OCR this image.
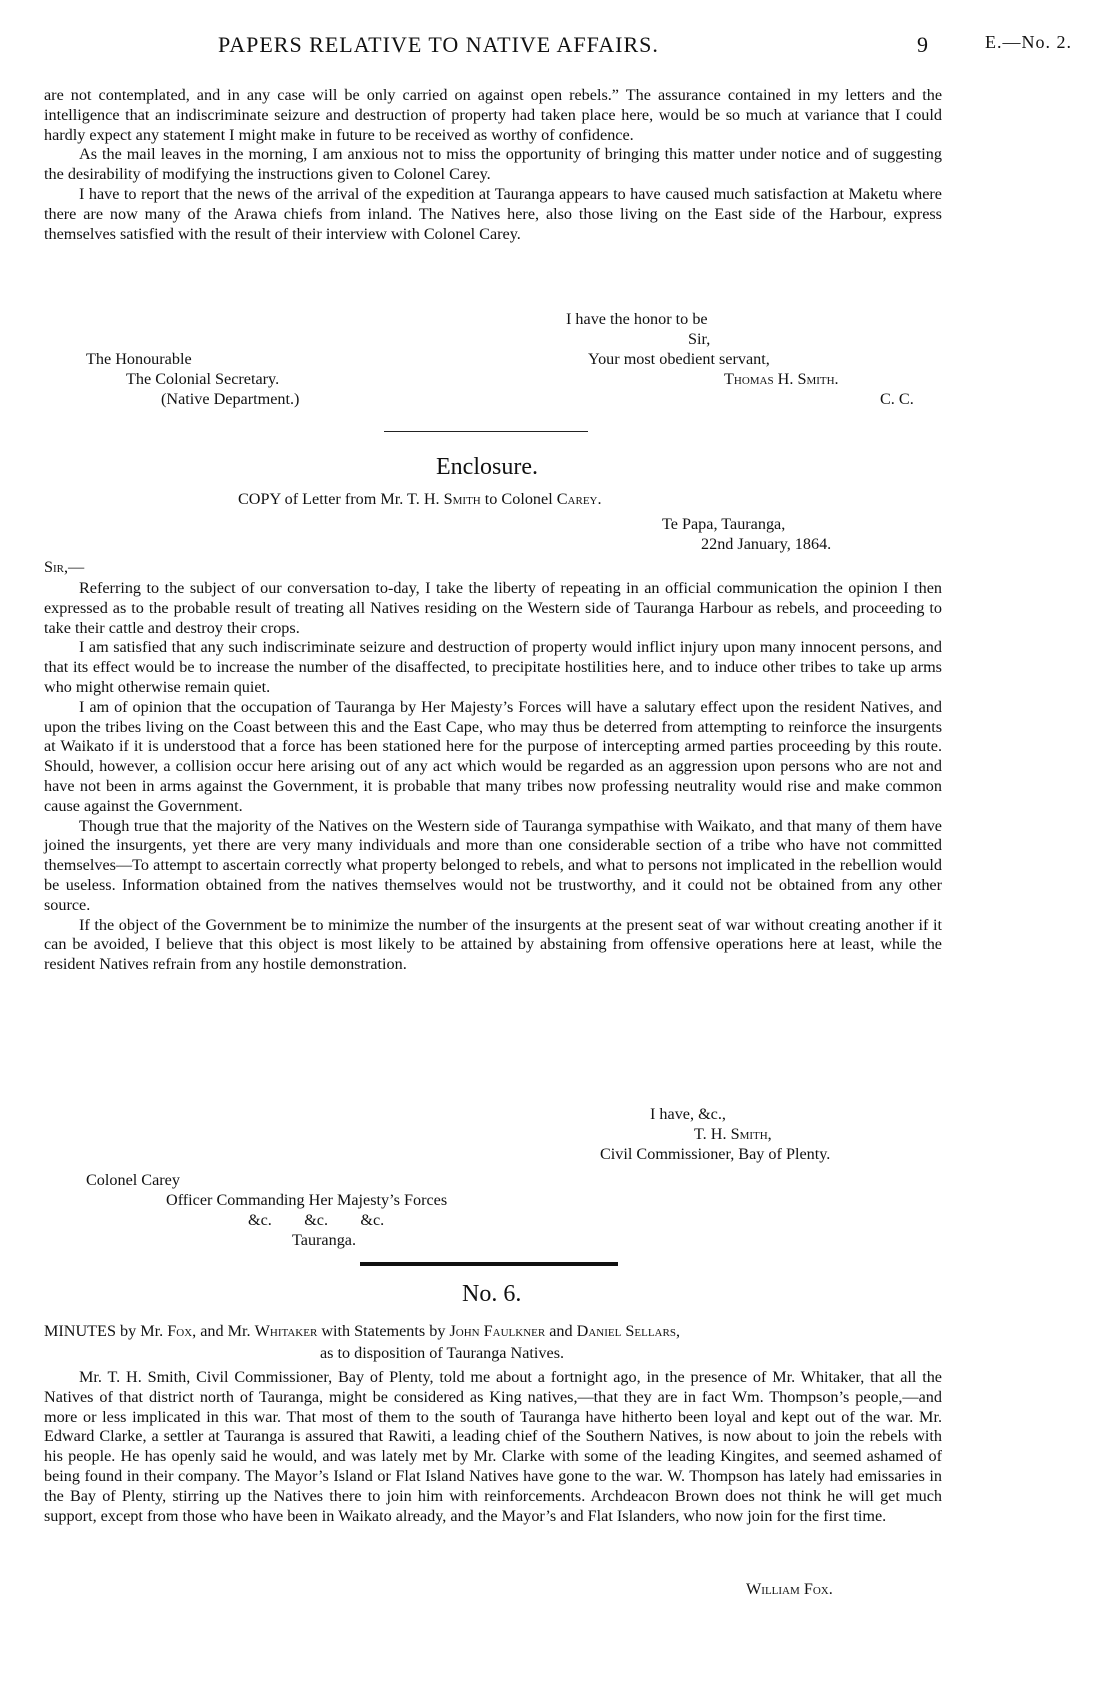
PAPERS RELATIVE TO NATIVE AFFAIRS.	9	E.—No. 2.

are not contemplated, and in any case will be only carried on against open rebels.” The assurance contained in my letters and the intelligence that an indiscriminate seizure and destruction of property had taken place here, would be so much at variance that I could hardly expect any statement I might make in future to be received as worthy of confidence.

As the mail leaves in the morning, I am anxious not to miss the opportunity of bringing this matter under notice and of suggesting the desirability of modifying the instructions given to Colonel Carey.

I have to report that the news of the arrival of the expedition at Tauranga appears to have caused much satisfaction at Maketu where there are now many of the Arawa chiefs from inland. The Natives here, also those living on the East side of the Harbour, express themselves satisfied with the result of their interview with Colonel Carey.

I have the honor to be
Sir,
Your most obedient servant,
Thomas H. Smith.
C. C.
The Honourable
The Colonial Secretary.
(Native Department.)
Enclosure.
COPY of Letter from Mr. T. H. Smith to Colonel Carey.
Te Papa, Tauranga,
22nd January, 1864.
Sir,—

Referring to the subject of our conversation to-day, I take the liberty of repeating in an official communication the opinion I then expressed as to the probable result of treating all Natives residing on the Western side of Tauranga Harbour as rebels, and proceeding to take their cattle and destroy their crops.

I am satisfied that any such indiscriminate seizure and destruction of property would inflict injury upon many innocent persons, and that its effect would be to increase the number of the disaffected, to precipitate hostilities here, and to induce other tribes to take up arms who might otherwise remain quiet.

I am of opinion that the occupation of Tauranga by Her Majesty’s Forces will have a salutary effect upon the resident Natives, and upon the tribes living on the Coast between this and the East Cape, who may thus be deterred from attempting to reinforce the insurgents at Waikato if it is understood that a force has been stationed here for the purpose of intercepting armed parties proceeding by this route. Should, however, a collision occur here arising out of any act which would be regarded as an aggression upon persons who are not and have not been in arms against the Government, it is probable that many tribes now professing neutrality would rise and make common cause against the Government.

Though true that the majority of the Natives on the Western side of Tauranga sympathise with Waikato, and that many of them have joined the insurgents, yet there are very many individuals and more than one considerable section of a tribe who have not committed themselves—To attempt to ascertain correctly what property belonged to rebels, and what to persons not implicated in the rebellion would be useless. Information obtained from the natives themselves would not be trustworthy, and it could not be obtained from any other source.

If the object of the Government be to minimize the number of the insurgents at the present seat of war without creating another if it can be avoided, I believe that this object is most likely to be attained by abstaining from offensive operations here at least, while the resident Natives refrain from any hostile demonstration.

I have, &c.,
T. H. Smith,
Civil Commissioner, Bay of Plenty.
Colonel Carey
Officer Commanding Her Majesty’s Forces
&c.        &c.        &c.
Tauranga.
No. 6.
MINUTES by Mr. Fox, and Mr. Whitaker with Statements by John Faulkner and Daniel Sellars,
as to disposition of Tauranga Natives.

Mr. T. H. Smith, Civil Commissioner, Bay of Plenty, told me about a fortnight ago, in the presence of Mr. Whitaker, that all the Natives of that district north of Tauranga, might be considered as King natives,—that they are in fact Wm. Thompson’s people,—and more or less implicated in this war. That most of them to the south of Tauranga have hitherto been loyal and kept out of the war. Mr. Edward Clarke, a settler at Tauranga is assured that Rawiti, a leading chief of the Southern Natives, is now about to join the rebels with his people. He has openly said he would, and was lately met by Mr. Clarke with some of the leading Kingites, and seemed ashamed of being found in their company. The Mayor’s Island or Flat Island Natives have gone to the war. W. Thompson has lately had emissaries in the Bay of Plenty, stirring up the Natives there to join him with reinforcements. Archdeacon Brown does not think he will get much support, except from those who have been in Waikato already, and the Mayor’s and Flat Islanders, who now join for the first time.

William Fox.
